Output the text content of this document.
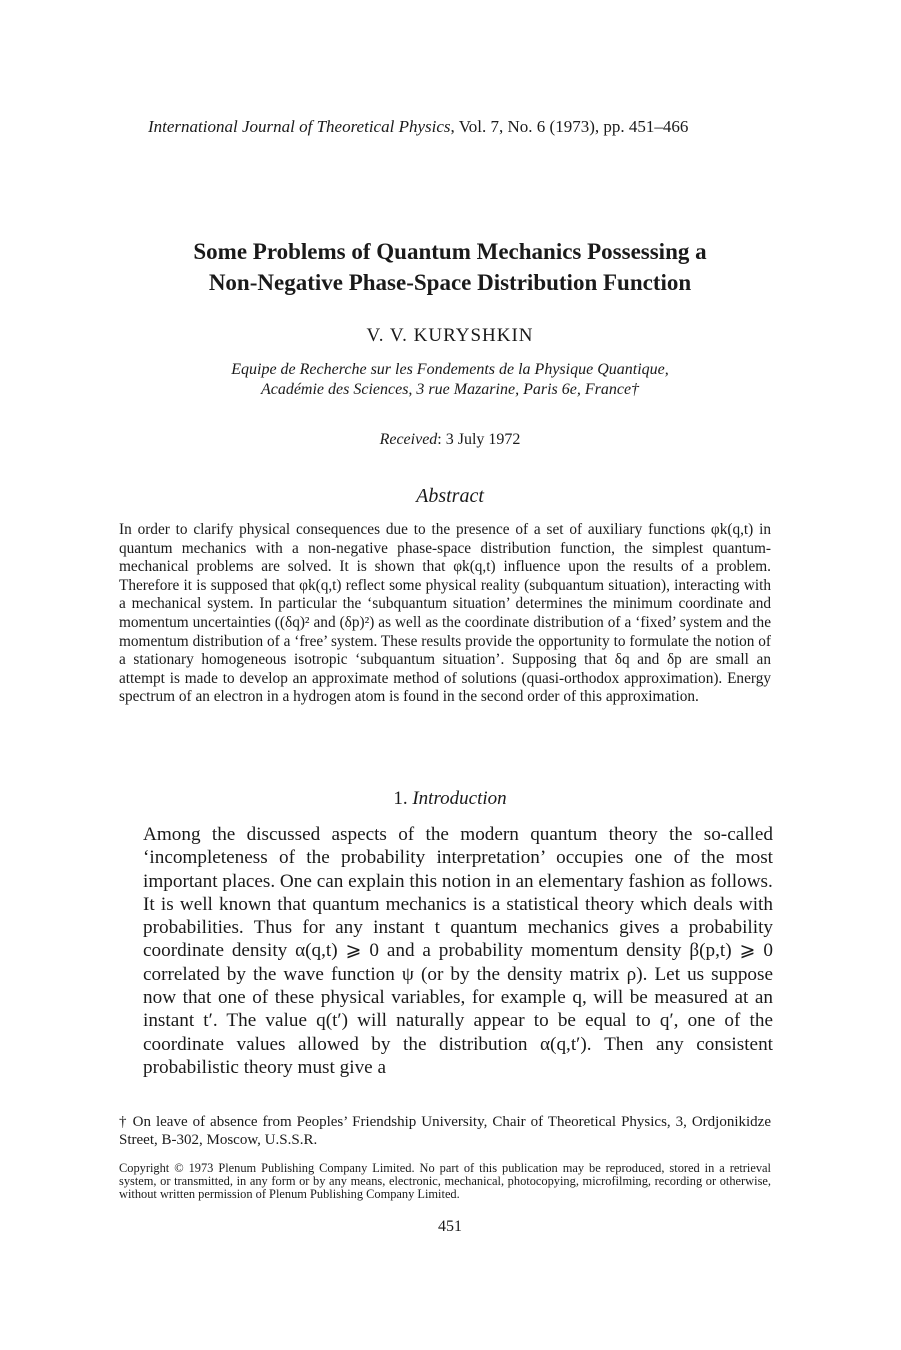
International Journal of Theoretical Physics, Vol. 7, No. 6 (1973), pp. 451–466
Some Problems of Quantum Mechanics Possessing a
Non-Negative Phase-Space Distribution Function
V. V. KURYSHKIN
Equipe de Recherche sur les Fondements de la Physique Quantique,
Académie des Sciences, 3 rue Mazarine, Paris 6e, France†
Received: 3 July 1972
Abstract
In order to clarify physical consequences due to the presence of a set of auxiliary functions φk(q,t) in quantum mechanics with a non-negative phase-space distribution function, the simplest quantum-mechanical problems are solved. It is shown that φk(q,t) influence upon the results of a problem. Therefore it is supposed that φk(q,t) reflect some physical reality (subquantum situation), interacting with a mechanical system. In particular the ‘subquantum situation’ determines the minimum coordinate and momentum uncertainties ((δq)² and (δp)²) as well as the coordinate distribution of a ‘fixed’ system and the momentum distribution of a ‘free’ system. These results provide the opportunity to formulate the notion of a stationary homogeneous isotropic ‘subquantum situation’. Supposing that δq and δp are small an attempt is made to develop an approximate method of solutions (quasi-orthodox approximation). Energy spectrum of an electron in a hydrogen atom is found in the second order of this approximation.
1. Introduction

Among the discussed aspects of the modern quantum theory the so-called ‘incompleteness of the probability interpretation’ occupies one of the most important places. One can explain this notion in an elementary fashion as follows.

It is well known that quantum mechanics is a statistical theory which deals with probabilities. Thus for any instant t quantum mechanics gives a probability coordinate density α(q,t) ⩾ 0 and a probability momentum density β(p,t) ⩾ 0 correlated by the wave function ψ (or by the density matrix ρ). Let us suppose now that one of these physical variables, for example q, will be measured at an instant t′. The value q(t′) will naturally appear to be equal to q′, one of the coordinate values allowed by the distribution α(q,t′). Then any consistent probabilistic theory must give a

† On leave of absence from Peoples’ Friendship University, Chair of Theoretical Physics, 3, Ordjonikidze Street, B-302, Moscow, U.S.S.R.
Copyright © 1973 Plenum Publishing Company Limited. No part of this publication may be reproduced, stored in a retrieval system, or transmitted, in any form or by any means, electronic, mechanical, photocopying, microfilming, recording or otherwise, without written permission of Plenum Publishing Company Limited.
451
